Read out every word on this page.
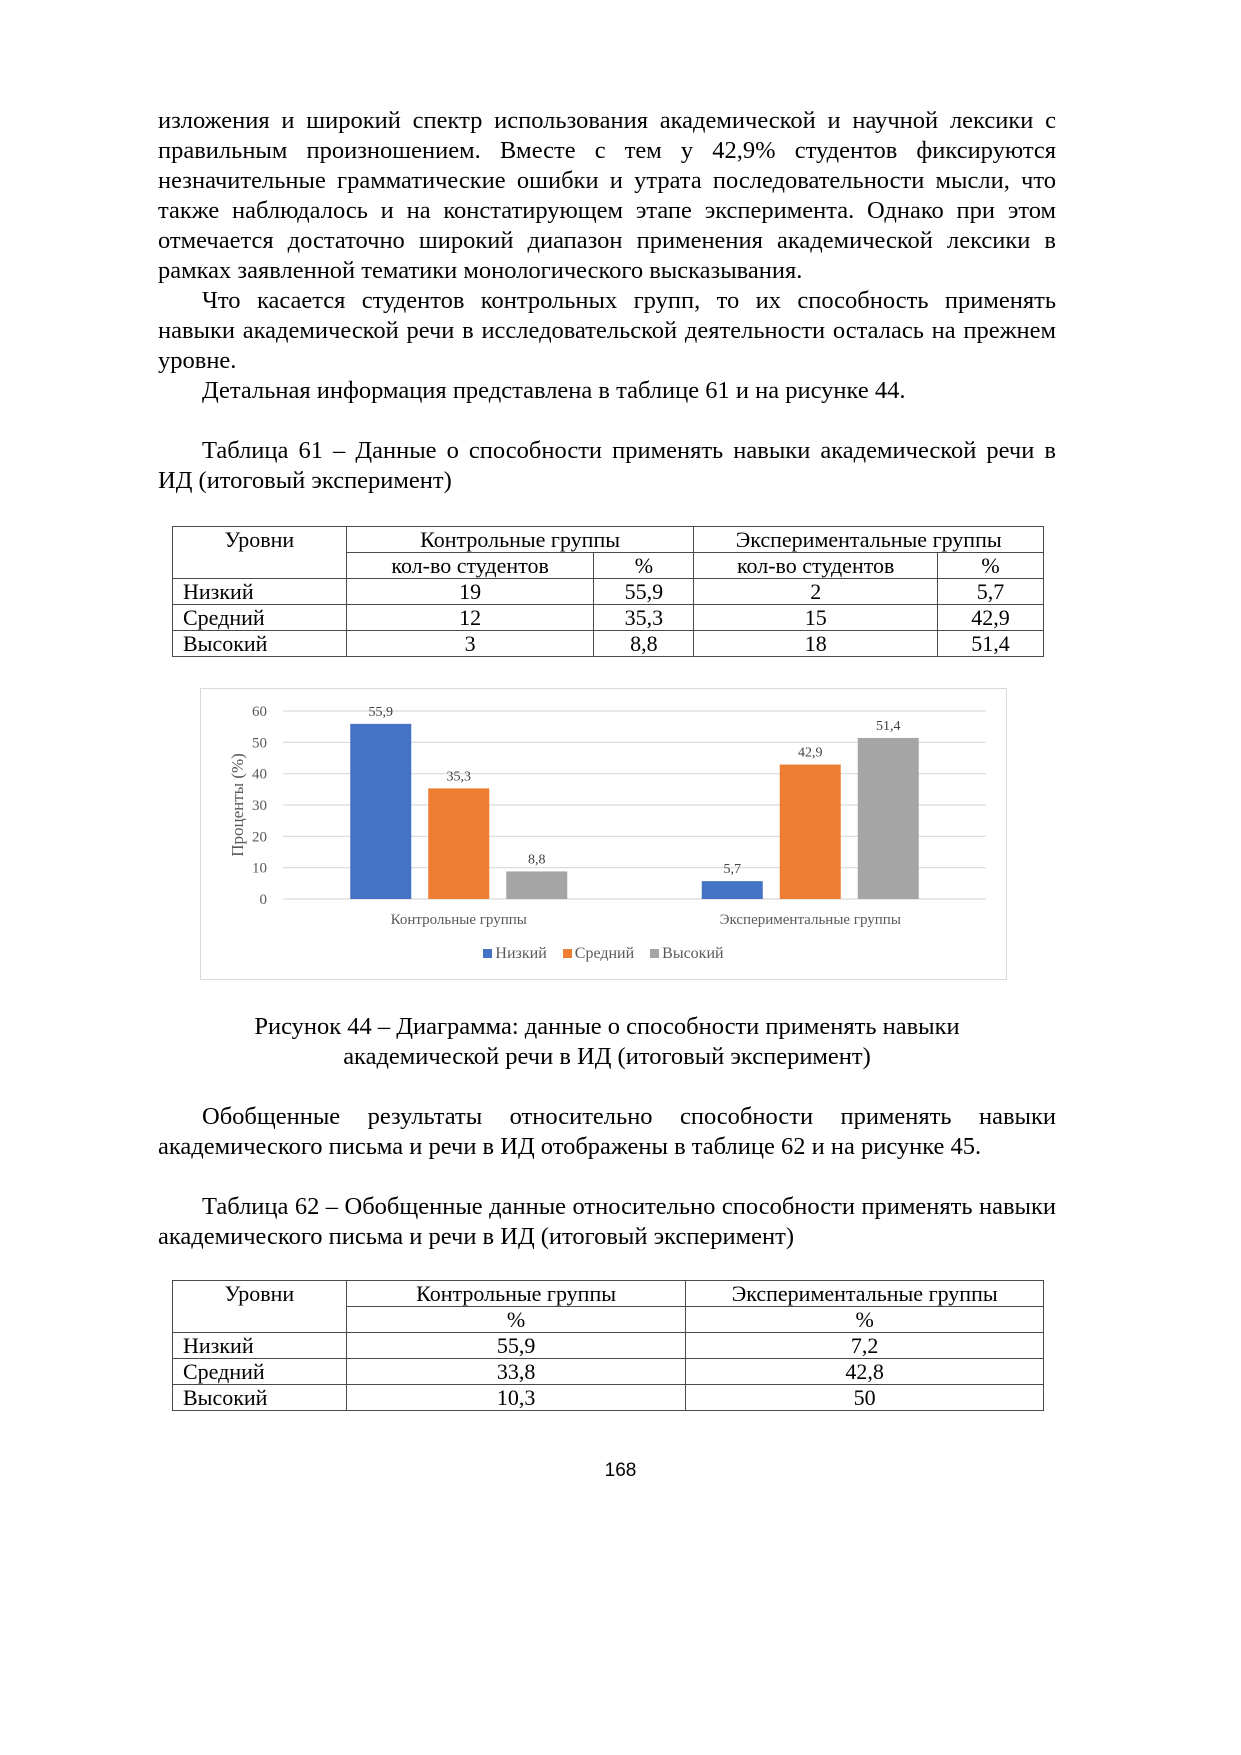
изложения и широкий спектр использования академической и научной лексики с правильным произношением. Вместе с тем у 42,9% студентов фиксируются незначительные грамматические ошибки и утрата последовательности мысли, что также наблюдалось и на констатирующем этапе эксперимента. Однако при этом отмечается достаточно широкий диапазон применения академической лексики в рамках заявленной тематики монологического высказывания.

Что касается студентов контрольных групп, то их способность применять навыки академической речи в исследовательской деятельности осталась на прежнем уровне.

Детальная информация представлена в таблице 61 и на рисунке 44.

Таблица 61 – Данные о способности применять навыки академической речи в ИД (итоговый эксперимент)

Уровни	Контрольные группы		Экспериментальные группы	
	кол-во студентов	%	кол-во студентов	%
Низкий	19	55,9	2	5,7
Средний	12	35,3	15	42,9
Высокий	3	8,8	18	51,4
0
10
20
30
40
50
60
Проценты (%)
55,9
35,3
8,8
Контрольные группы
5,7
42,9
51,4
Экспериментальные группы
Низкий Средний Высокий

Рисунок 44 – Диаграмма: данные о способности применять навыки

академической речи в ИД (итоговый эксперимент)

Обобщенные результаты относительно способности применять навыки академического письма и речи в ИД отображены в таблице 62 и на рисунке 45.

Таблица 62 – Обобщенные данные относительно способности применять навыки академического письма и речи в ИД (итоговый эксперимент)

Уровни	Контрольные группы	Экспериментальные группы
	%	%
Низкий	55,9	7,2
Средний	33,8	42,8
Высокий	10,3	50
168
